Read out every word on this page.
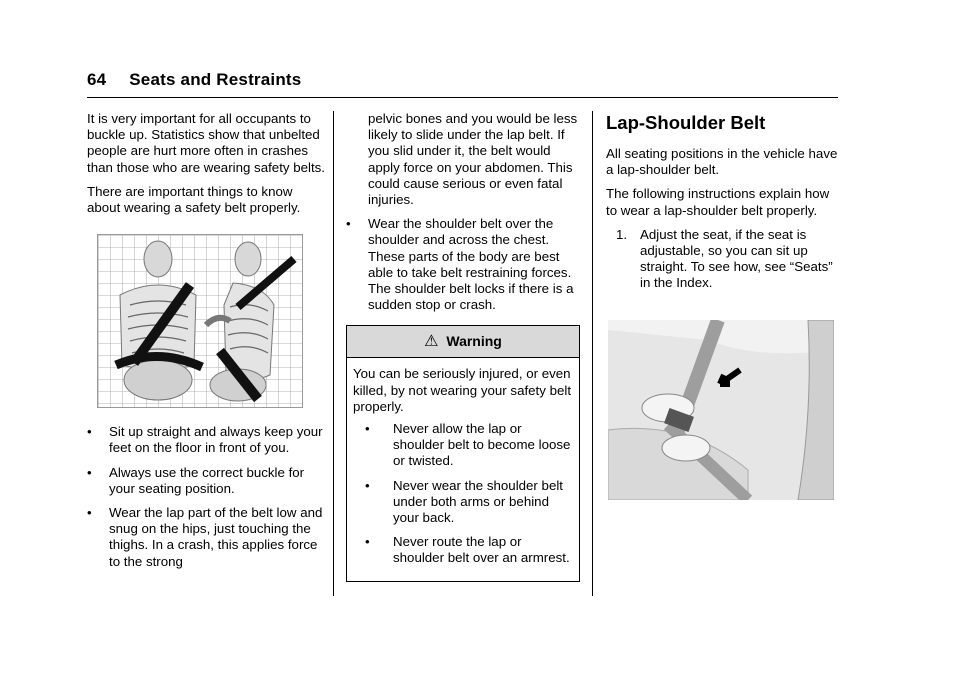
64 Seats and Restraints

It is very important for all occupants to buckle up. Statistics show that unbelted people are hurt more often in crashes than those who are wearing safety belts.

There are important things to know about wearing a safety belt properly.

• Sit up straight and always keep your feet on the floor in front of you.
• Always use the correct buckle for your seating position.
• Wear the lap part of the belt low and snug on the hips, just touching the thighs. In a crash, this applies force to the strong
pelvic bones and you would be less likely to slide under the lap belt. If you slid under it, the belt would apply force on your abdomen. This could cause serious or even fatal injuries.
• Wear the shoulder belt over the shoulder and across the chest. These parts of the body are best able to take belt restraining forces. The shoulder belt locks if there is a sudden stop or crash.
⚠ Warning

You can be seriously injured, or even killed, by not wearing your safety belt properly.

• Never allow the lap or shoulder belt to become loose or twisted.
• Never wear the shoulder belt under both arms or behind your back.
• Never route the lap or shoulder belt over an armrest.
Lap-Shoulder Belt

All seating positions in the vehicle have a lap-shoulder belt.

The following instructions explain how to wear a lap-shoulder belt properly.

1. Adjust the seat, if the seat is adjustable, so you can sit up straight. To see how, see “Seats” in the Index.
